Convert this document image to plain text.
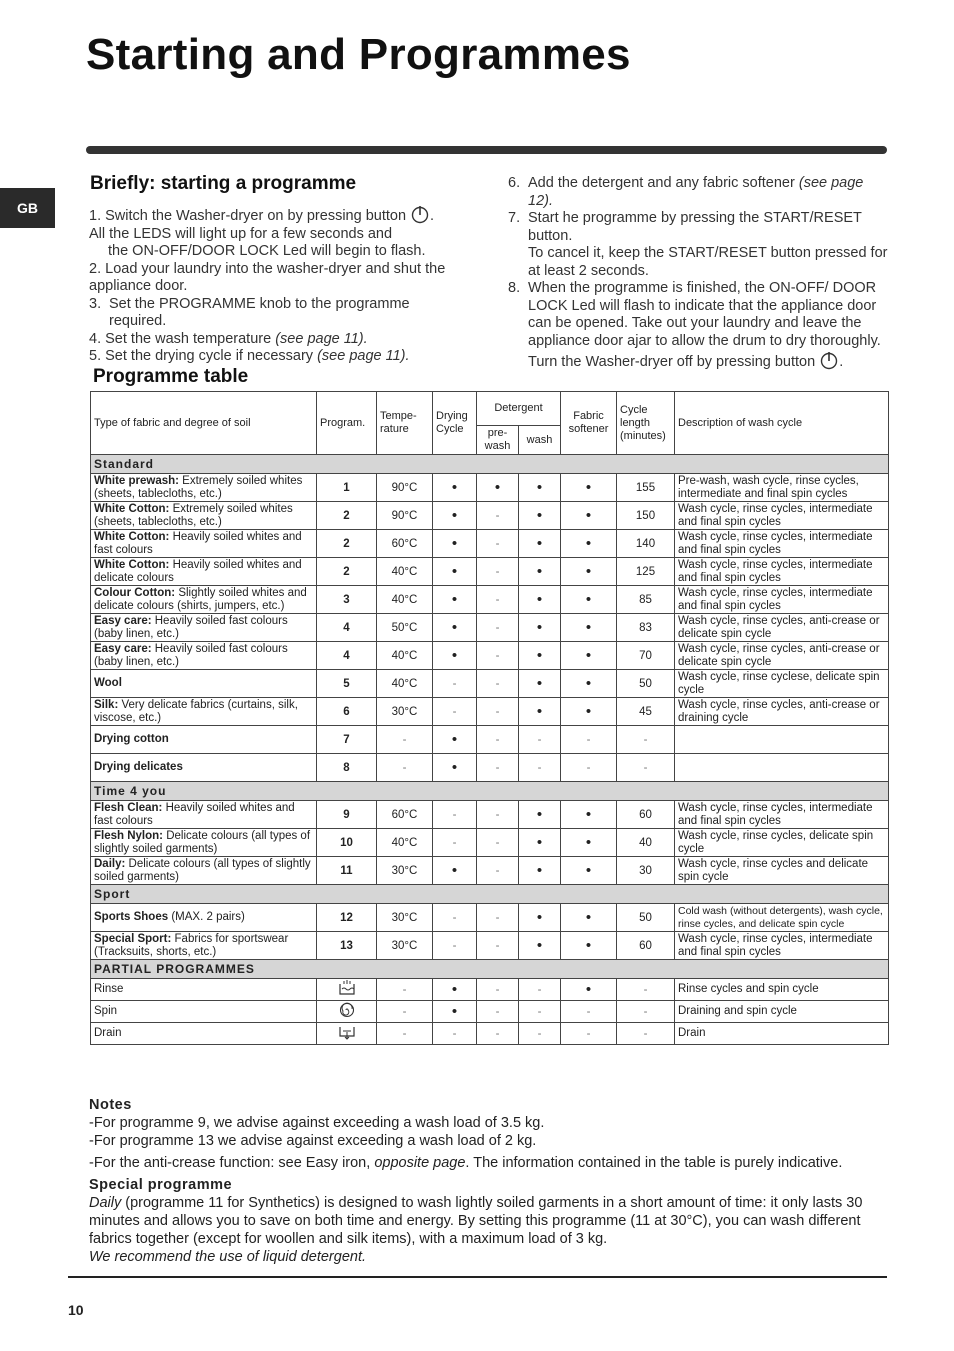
Starting and Programmes
GB
Briefly: starting a programme
1. Switch the Washer-dryer on by pressing button .
All the LEDS will light up for a few seconds and
the ON-OFF/DOOR LOCK Led will begin to flash.
2. Load your laundry into the washer-dryer and shut the appliance door.
3. Set the PROGRAMME knob to the programme required.
4. Set the wash temperature (see page 11).
5. Set the drying cycle if necessary (see page 11).
6. Add the detergent and any fabric softener (see page 12).
7. Start he programme by pressing the START/RESET button.
To cancel it, keep the START/RESET button pressed for at least 2 seconds.
8. When the programme is finished, the ON-OFF/ DOOR LOCK Led will flash to indicate that the appliance door can be opened. Take out your laundry and leave the appliance door ajar to allow the drum to dry thoroughly. Turn the Washer-dryer off by pressing button .
Programme table
Type of fabric and degree of soil	Program.	Tempe-rature	Drying Cycle	Detergent		Fabric softener	Cycle length (minutes)	Description of wash cycle
				pre-wash	wash			
Standard								
White prewash: Extremely soiled whites (sheets, tablecloths, etc.)	1	90°C	•	•	•	•	155	Pre-wash, wash cycle, rinse cycles, intermediate and final spin cycles
White Cotton: Extremely soiled whites (sheets, tablecloths, etc.)	2	90°C	•	-	•	•	150	Wash cycle, rinse cycles, intermediate and final spin cycles
White Cotton: Heavily soiled whites and fast colours	2	60°C	•	-	•	•	140	Wash cycle, rinse cycles, intermediate and final spin cycles
White Cotton: Heavily soiled whites and delicate colours	2	40°C	•	-	•	•	125	Wash cycle, rinse cycles, intermediate and final spin cycles
Colour Cotton: Slightly soiled whites and delicate colours (shirts, jumpers, etc.)	3	40°C	•	-	•	•	85	Wash cycle, rinse cycles, intermediate and final spin cycles
Easy care: Heavily soiled fast colours (baby linen, etc.)	4	50°C	•	-	•	•	83	Wash cycle, rinse cycles, anti-crease or delicate spin cycle
Easy care: Heavily soiled fast colours (baby linen, etc.)	4	40°C	•	-	•	•	70	Wash cycle, rinse cycles, anti-crease or delicate spin cycle
Wool	5	40°C	-	-	•	•	50	Wash cycle, rinse cyclese, delicate spin cycle
Silk: Very delicate fabrics (curtains, silk, viscose, etc.)	6	30°C	-	-	•	•	45	Wash cycle, rinse cycles, anti-crease or draining cycle
Drying cotton	7	-	•	-	-	-	-	
Drying delicates	8	-	•	-	-	-	-	
Time 4 you								
Flesh Clean: Heavily soiled whites and fast colours	9	60°C	-	-	•	•	60	Wash cycle, rinse cycles, intermediate and final spin cycles
Flesh Nylon: Delicate colours (all types of slightly soiled garments)	10	40°C	-	-	•	•	40	Wash cycle, rinse cycles, delicate spin cycle
Daily: Delicate colours (all types of slightly soiled garments)	11	30°C	•	-	•	•	30	Wash cycle, rinse cycles and delicate spin cycle
Sport								
Sports Shoes (MAX. 2 pairs)	12	30°C	-	-	•	•	50	Cold wash (without detergents), wash cycle, rinse cycles, and delicate spin cycle
Special Sport: Fabrics for sportswear (Tracksuits, shorts, etc.)	13	30°C	-	-	•	•	60	Wash cycle, rinse cycles, intermediate and final spin cycles
PARTIAL PROGRAMMES								
Rinse		-	•	-	-	•	-	Rinse cycles and spin cycle
Spin		-	•	-	-	-	-	Draining and spin cycle
Drain		-	-	-	-	-	-	Drain

Notes

-For programme 9, we advise against exceeding a wash load of 3.5 kg.

-For programme 13 we advise against exceeding a wash load of 2 kg.

-For the anti-crease function: see Easy iron, opposite page. The information contained in the table is purely indicative.

Special programme

Daily (programme 11 for Synthetics) is designed to wash lightly soiled garments in a short amount of time: it only lasts 30 minutes and allows you to save on both time and energy. By setting this programme (11 at 30°C), you can wash different fabrics together (except for woollen and silk items), with a maximum load of 3 kg.

We recommend the use of liquid detergent.

10
